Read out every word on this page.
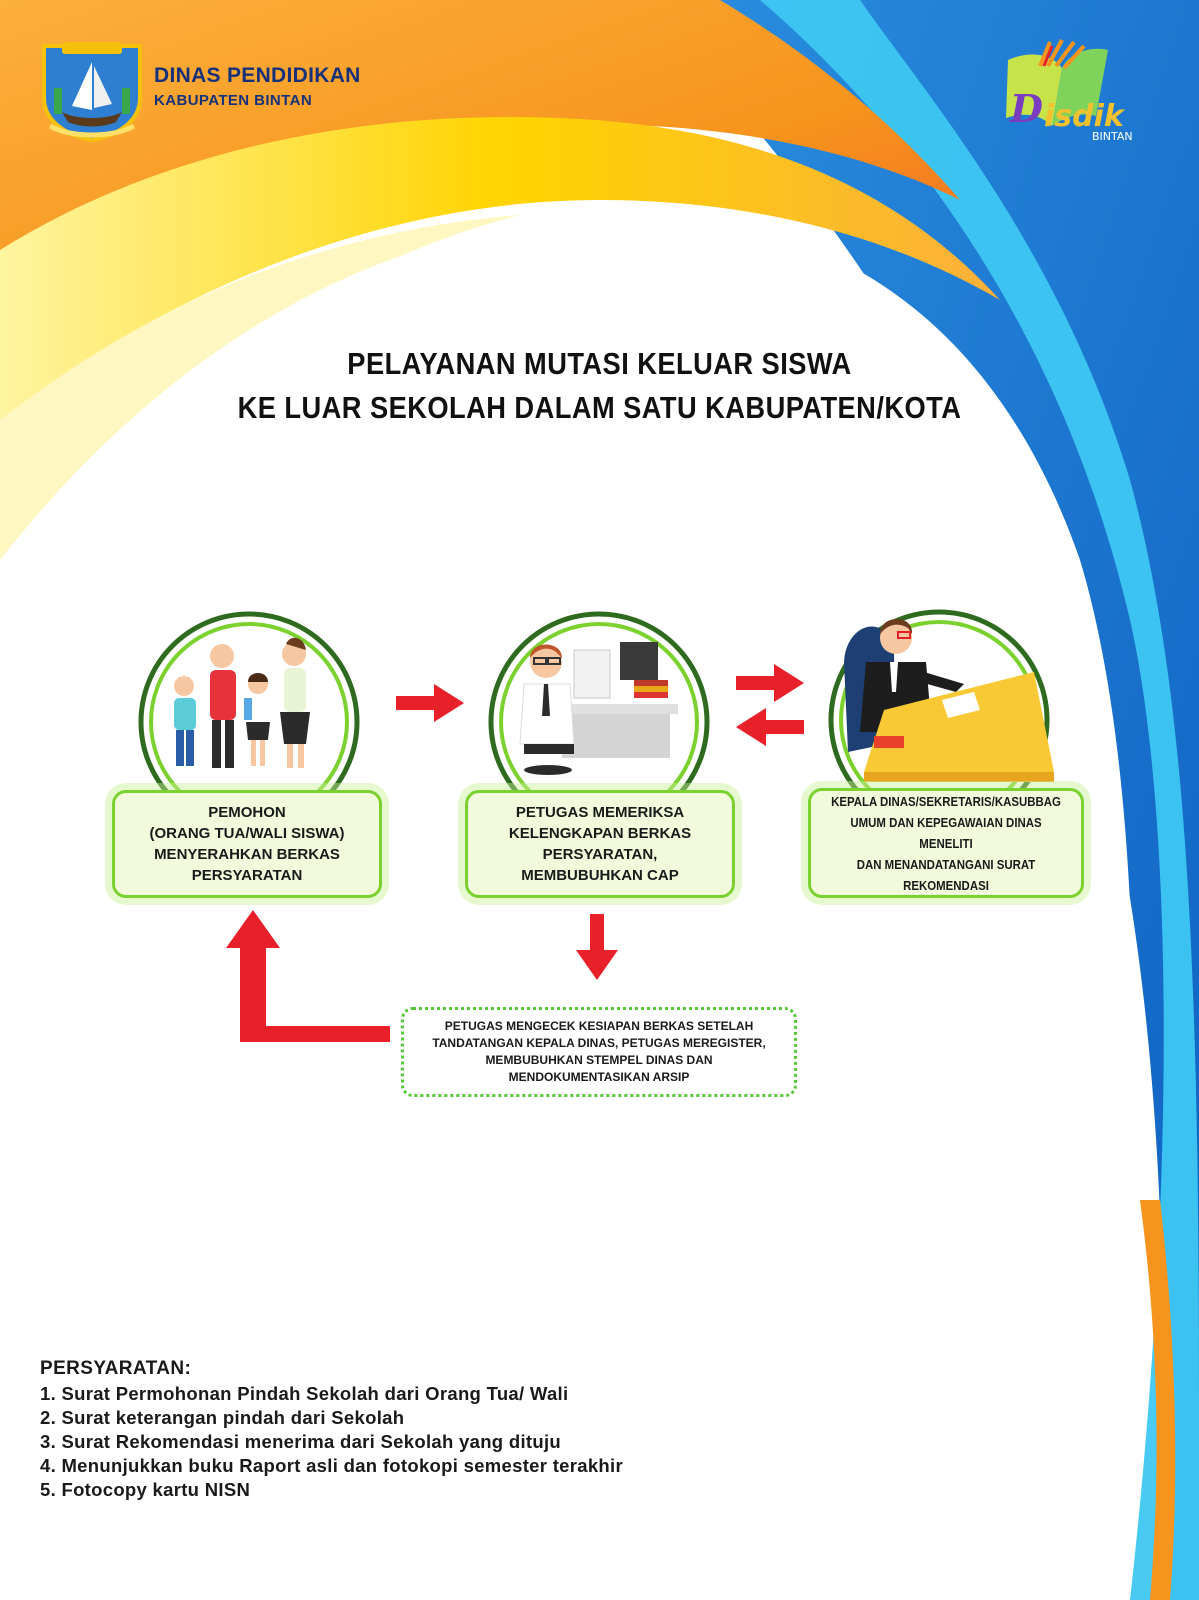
DINAS PENDIDIKAN
KABUPATEN BINTAN	D isdik
BINTAN
PELAYANAN MUTASI KELUAR SISWA
KE LUAR SEKOLAH DALAM SATU KABUPATEN/KOTA
PEMOHON
(ORANG TUA/WALI SISWA)
MENYERAHKAN BERKAS
PERSYARATAN
PETUGAS MEMERIKSA
KELENGKAPAN BERKAS
PERSYARATAN,
MEMBUBUHKAN CAP
KEPALA DINAS/SEKRETARIS/KASUBBAG
UMUM DAN KEPEGAWAIAN DINAS MENELITI
DAN MENANDATANGANI SURAT
REKOMENDASI
PETUGAS MENGECEK KESIAPAN BERKAS SETELAH
TANDATANGAN KEPALA DINAS, PETUGAS MEREGISTER,
MEMBUBUHKAN STEMPEL DINAS DAN
MENDOKUMENTASIKAN ARSIP
PERSYARATAN:
1. Surat Permohonan Pindah Sekolah dari Orang Tua/ Wali
2. Surat keterangan pindah dari Sekolah
3. Surat Rekomendasi menerima dari Sekolah yang dituju
4. Menunjukkan buku Raport asli dan fotokopi semester terakhir
5. Fotocopy kartu NISN
